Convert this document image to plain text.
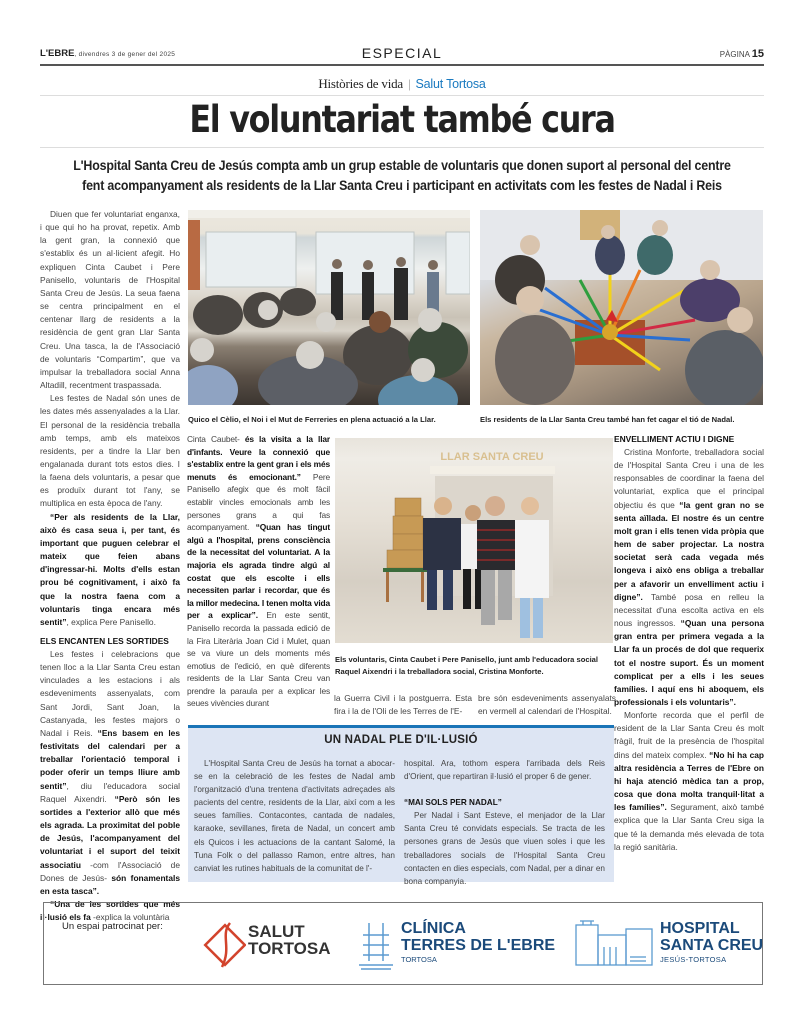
L'EBRE, divendres 3 de gener del 2025	ESPECIAL	PÀGINA 15
Històries de vida | Salut Tortosa
El voluntariat també cura
L'Hospital Santa Creu de Jesús compta amb un grup estable de voluntaris que donen suport al personal del centre fent acompanyament als residents de la Llar Santa Creu i participant en activitats com les festes de Nadal i Reis

Diuen que fer voluntariat enganxa, i que qui ho ha provat, repetix. Amb la gent gran, la connexió que s'establix és un al·licient afegit. Ho expliquen Cinta Caubet i Pere Panisello, voluntaris de l'Hospital Santa Creu de Jesús. La seua faena se centra principalment en el centenar llarg de residents a la residència de gent gran Llar Santa Creu. Una tasca, la de l'Associació de voluntaris “Compartim”, que va impulsar la treballadora social Anna Altadill, recentment traspassada.

Les festes de Nadal són unes de les dates més assenyalades a la Llar. El personal de la residència treballa amb temps, amb els mateixos residents, per a tindre la Llar ben engalanada durant tots estos dies. I la faena dels voluntaris, a pesar que es produïx durant tot l'any, se multiplica en esta època de l'any.

“Per als residents de la Llar, això és casa seua i, per tant, és important que puguen celebrar el mateix que feien abans d'ingressar-hi. Molts d'ells estan prou bé cognitivament, i això fa que la nostra faena com a voluntaris tinga encara més sentit”, explica Pere Panisello.

ELS ENCANTEN LES SORTIDES

Les festes i celebracions que tenen lloc a la Llar Santa Creu estan vinculades a les estacions i als esdeveniments assenyalats, com Sant Jordi, Sant Joan, la Castanyada, les festes majors o Nadal i Reis. “Ens basem en les festivitats del calendari per a treballar l'orientació temporal i poder oferir un temps lliure amb sentit”, diu l'educadora social Raquel Aixendri. “Però són les sortides a l'exterior allò que més els agrada. La proximitat del poble de Jesús, l'acompanyament del voluntariat i el suport del teixit associatiu -com l'Associació de Dones de Jesús- són fonamentals en esta tasca”.

“Una de les sortides que més il·lusió els fa -explica la voluntària

Quico el Cèlio, el Noi i el Mut de Ferreries en plena actuació a la Llar.	Els residents de la Llar Santa Creu també han fet cagar el tió de Nadal.

Cinta Caubet- és la visita a la llar d'infants. Veure la connexió que s'establix entre la gent gran i els més menuts és emocionant.” Pere Panisello afegix que és molt fàcil establir vincles emocionals amb les persones grans a qui fas acompanyament. “Quan has tingut algú a l'hospital, prens consciència de la necessitat del voluntariat. A la majoria els agrada tindre algú al costat que els escolte i ells necessiten parlar i recordar, que és la millor medecina. I tenen molta vida per a explicar”. En este sentit, Panisello recorda la passada edició de la Fira Literària Joan Cid i Mulet, quan se va viure un dels moments més emotius de l'edició, en què diferents residents de la Llar Santa Creu van prendre la paraula per a explicar les seues vivències durant

LLAR SANTA CREU
Els voluntaris, Cinta Caubet i Pere Panisello, junt amb l'educadora social Raquel Aixendri i la treballadora social, Cristina Monforte.
la Guerra Civil i la postguerra. Esta fira i la de l'Oli de les Terres de l'E-
bre són esdeveniments assenyalats en vermell al calendari de l'Hospital.
ENVELLIMENT ACTIU I DIGNE

Cristina Monforte, treballadora social de l'Hospital Santa Creu i una de les responsables de coordinar la faena del voluntariat, explica que el principal objectiu és que “la gent gran no se senta aïllada. El nostre és un centre molt gran i ells tenen vida pròpia que hem de saber projectar. La nostra societat serà cada vegada més longeva i això ens obliga a treballar per a afavorir un envelliment actiu i digne”. També posa en relleu la necessitat d'una escolta activa en els nous ingressos. “Quan una persona gran entra per primera vegada a la Llar fa un procés de dol que requerix tot el nostre suport. És un moment complicat per a ells i les seues famílies. I aquí ens hi aboquem, els professionals i els voluntaris”.

Monforte recorda que el perfil de resident de la Llar Santa Creu és molt fràgil, fruit de la presència de l'hospital dins del mateix complex. “No hi ha cap altra residència a Terres de l'Ebre on hi haja atenció mèdica tan a prop, cosa que dona molta tranquil·litat a les famílies”. Segurament, això també explica que la Llar Santa Creu siga la que té la demanda més elevada de tota la regió sanitària.

UN NADAL PLE D'IL·LUSIÓ

L'Hospital Santa Creu de Jesús ha tornat a abocar-se en la celebració de les festes de Nadal amb l'organització d'una trentena d'activitats adreçades als pacients del centre, residents de la Llar, així com a les seues famílies. Contacontes, cantada de nadales, karaoke, sevillanes, fireta de Nadal, un concert amb els Quicos i les actuacions de la cantant Salomé, la Tuna Folk o del pallasso Ramon, entre altres, han canviat les rutines habituals de la comunitat de l'-

hospital. Ara, tothom espera l'arribada dels Reis d'Orient, que repartiran il·lusió el proper 6 de gener.

“MAI SOLS PER NADAL”

Per Nadal i Sant Esteve, el menjador de la Llar Santa Creu té convidats especials. Se tracta de les persones grans de Jesús que viuen soles i que les treballadores socials de l'Hospital Santa Creu contacten en dies especials, com Nadal, per a dinar en bona companyia.

Un espai patrocinat per:	SALUT
TORTOSA
CLÍNICA
TERRES DE L'EBRE
TORTOSA
HOSPITAL
SANTA CREU
JESÚS-TORTOSA
